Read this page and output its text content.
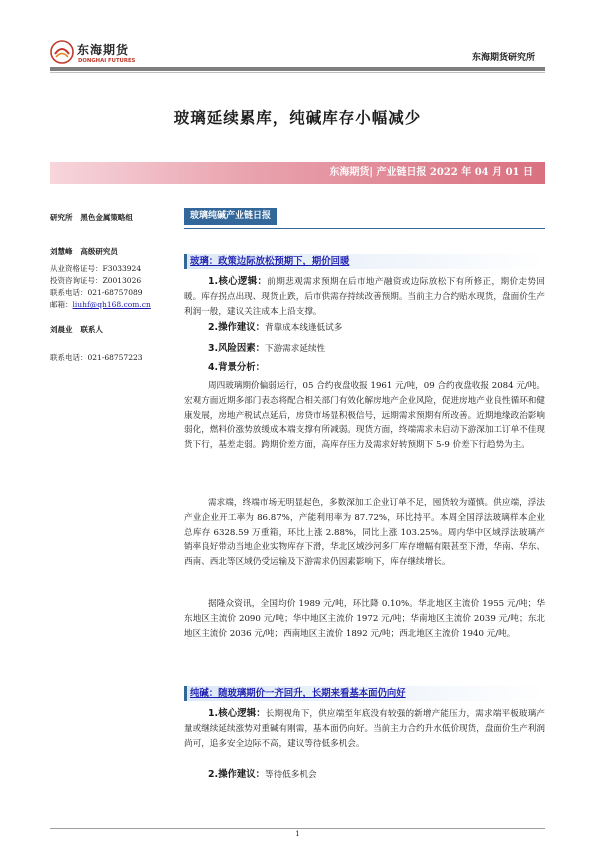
东海期货
DONGHAI FUTURES	东海期货研究所
玻璃延续累库，纯碱库存小幅减少
东海期货| 产业链日报 2022 年 04 月 01 日
研究所 黑色金属策略组
刘慧峰 高级研究员
从业资格证号：F3033924
投资咨询证号：Z0013026
联系电话：021-68757089
邮箱：liuhf@qh168.com.cn
刘晨业 联系人
联系电话：021-68757223
玻璃纯碱产业链日报
玻璃：政策边际放松预期下，期价回暖
1.核心逻辑：前期悲观需求预期在后市地产融资或边际放松下有所修正，期价走势回暖。库存拐点出现、现货止跌，后市供需存持续改善预期。当前主力合约贴水现货，盘面价生产利润一般，建议关注成本上沿支撑。
2.操作建议：背靠成本线逢低试多
3.风险因素：下游需求延续性
4.背景分析：
周四玻璃期价偏弱运行，05 合约夜盘收报 1961 元/吨，09 合约夜盘收报 2084 元/吨。宏观方面近期多部门表态将配合相关部门有效化解房地产企业风险，促进房地产业良性循环和健康发展，房地产税试点延后，房贷市场显积极信号，远期需求预期有所改善。近期地缘政治影响弱化，燃料价涨势放缓成本端支撑有所减弱。现货方面，终端需求未启动下游深加工订单不佳现货下行，基差走弱。跨期价差方面，高库存压力及需求好转预期下 5-9 价差下行趋势为主。
需求端，终端市场无明显起色，多数深加工企业订单不足，囤货较为谨慎。供应端，浮法产业企业开工率为 86.87%，产能利用率为 87.72%，环比持平。本周全国浮法玻璃样本企业总库存 6328.59 万重箱，环比上涨 2.88%，同比上涨 103.25%。周内华中区域浮法玻璃产销率良好带动当地企业实物库存下滑，华北区域沙河多厂库存增幅有限甚至下滑，华南、华东、西南、西北等区域仍受运输及下游需求仍因素影响下，库存继续增长。
据隆众资讯，全国均价 1989 元/吨，环比降 0.10%。华北地区主流价 1955 元/吨；华东地区主流价 2090 元/吨；华中地区主流价 1972 元/吨；华南地区主流价 2039 元/吨；东北地区主流价 2036 元/吨；西南地区主流价 1892 元/吨；西北地区主流价 1940 元/吨。
纯碱：随玻璃期价一齐回升，长期来看基本面仍向好
1.核心逻辑：长期视角下，供应端至年底没有较强的新增产能压力，需求端平板玻璃产量或继续延续涨势对重碱有刚需，基本面仍向好。当前主力合约升水低价现货，盘面价生产利润尚可，追多安全边际不高，建议等待低多机会。
2.操作建议：等待低多机会
1
